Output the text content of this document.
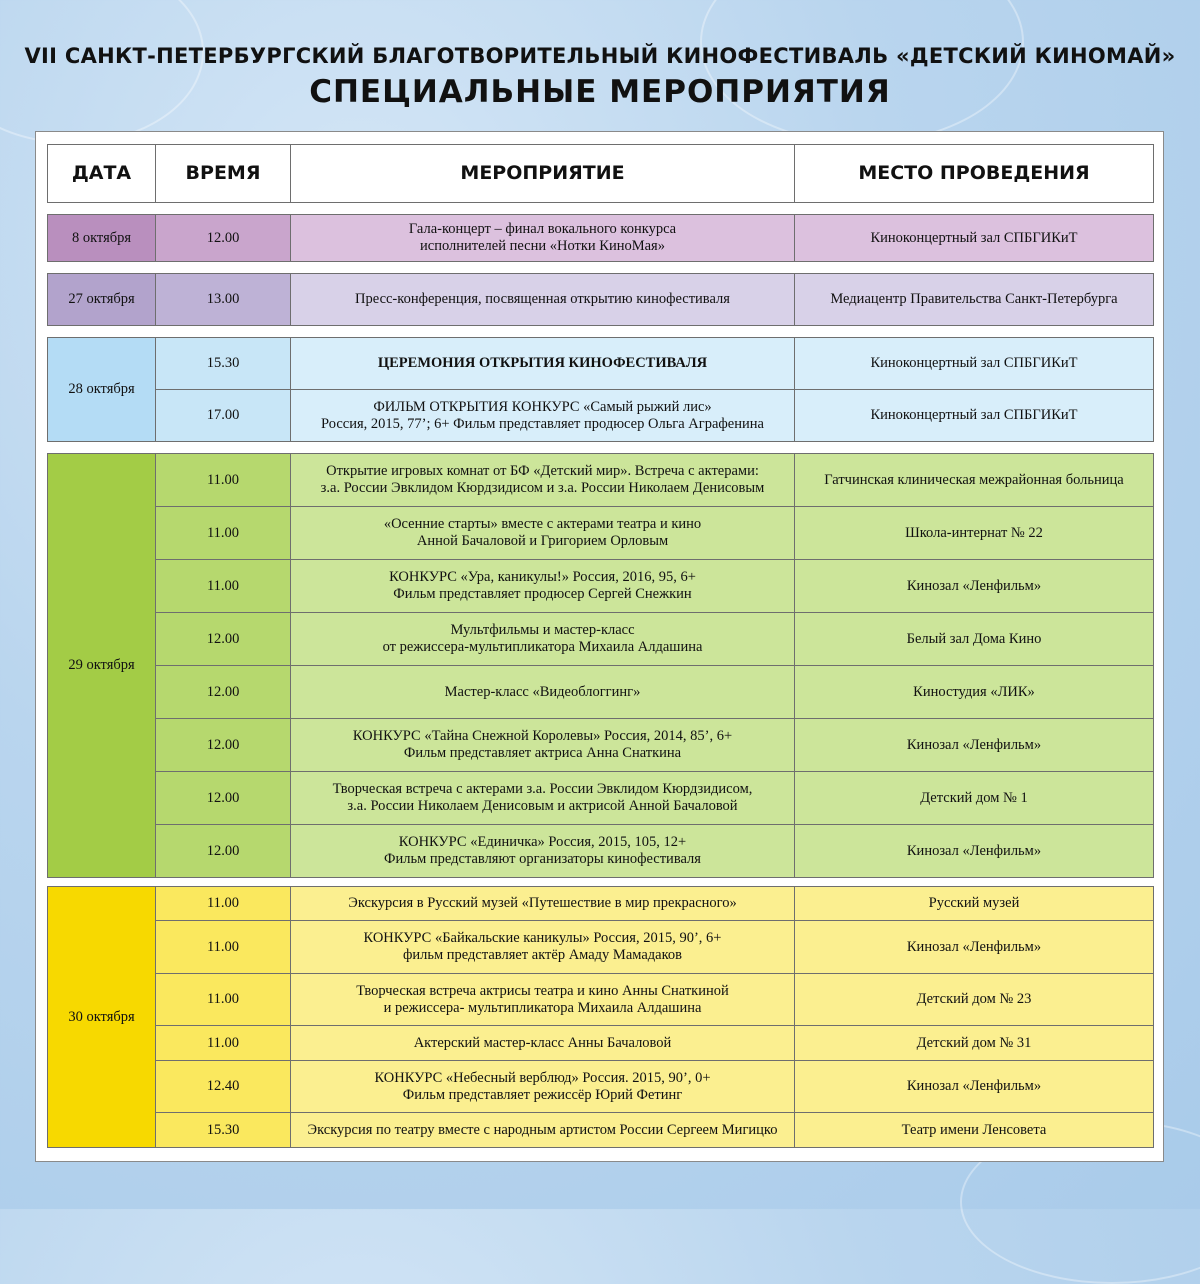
VII САНКТ-ПЕТЕРБУРГСКИЙ БЛАГОТВОРИТЕЛЬНЫЙ КИНОФЕСТИВАЛЬ «ДЕТСКИЙ КИНОМАЙ»
СПЕЦИАЛЬНЫЕ МЕРОПРИЯТИЯ
ДАТА	ВРЕМЯ	МЕРОПРИЯТИЕ	МЕСТО ПРОВЕДЕНИЯ
8 октября	12.00	
Гала-концерт – финал вокального конкурса
исполнителей песни «Нотки КиноМая»
	Киноконцертный зал СПБГИКиТ
27 октября	13.00	Пресс-конференция, посвященная открытию кинофестиваля	Медиацентр Правительства Санкт-Петербурга
28 октября	15.30	ЦЕРЕМОНИЯ ОТКРЫТИЯ КИНОФЕСТИВАЛЯ	Киноконцертный зал СПБГИКиТ
	17.00	ФИЛЬМ ОТКРЫТИЯ КОНКУРС «Самый рыжий лис»
Россия, 2015, 77’; 6+ Фильм представляет продюсер Ольга Аграфенина	Киноконцертный зал СПБГИКиТ
29 октября	11.00	Открытие игровых комнат от БФ «Детский мир». Встреча с актерами:
з.а. России Эвклидом Кюрдзидисом и з.а. России Николаем Денисовым	Гатчинская клиническая межрайонная больница
	11.00	«Осенние старты» вместе с актерами театра и кино
Анной Бачаловой и Григорием Орловым	Школа-интернат № 22
	11.00	КОНКУРС «Ура, каникулы!» Россия, 2016, 95, 6+
Фильм представляет продюсер Сергей Снежкин	Кинозал «Ленфильм»
	12.00	Мультфильмы и мастер-класс
от режиссера-мультипликатора Михаила Алдашина	Белый зал Дома Кино
	12.00	Мастер-класс «Видеоблоггинг»	Киностудия «ЛИК»
	12.00	КОНКУРС «Тайна Снежной Королевы» Россия, 2014, 85’, 6+
Фильм представляет актриса Анна Снаткина	Кинозал «Ленфильм»
	12.00	Творческая встреча с актерами з.а. России Эвклидом Кюрдзидисом,
з.а. России Николаем Денисовым и актрисой Анной Бачаловой	Детский дом № 1
	12.00	КОНКУРС «Единичка» Россия, 2015, 105, 12+
Фильм представляют организаторы кинофестиваля	Кинозал «Ленфильм»
30 октября	11.00	Экскурсия в Русский музей «Путешествие в мир прекрасного»	Русский музей
	11.00	КОНКУРС «Байкальские каникулы» Россия, 2015, 90’, 6+
фильм представляет актёр Амаду Мамадаков	Кинозал «Ленфильм»
	11.00	Творческая встреча актрисы театра и кино Анны Снаткиной
и режиссера- мультипликатора Михаила Алдашина	Детский дом № 23
	11.00	Актерский мастер-класс Анны Бачаловой	Детский дом № 31
	12.40	КОНКУРС «Небесный верблюд» Россия. 2015, 90’, 0+
Фильм представляет режиссёр Юрий Фетинг	Кинозал «Ленфильм»
	15.30	Экскурсия по театру вместе с народным артистом России Сергеем Мигицко	Театр имени Ленсовета
